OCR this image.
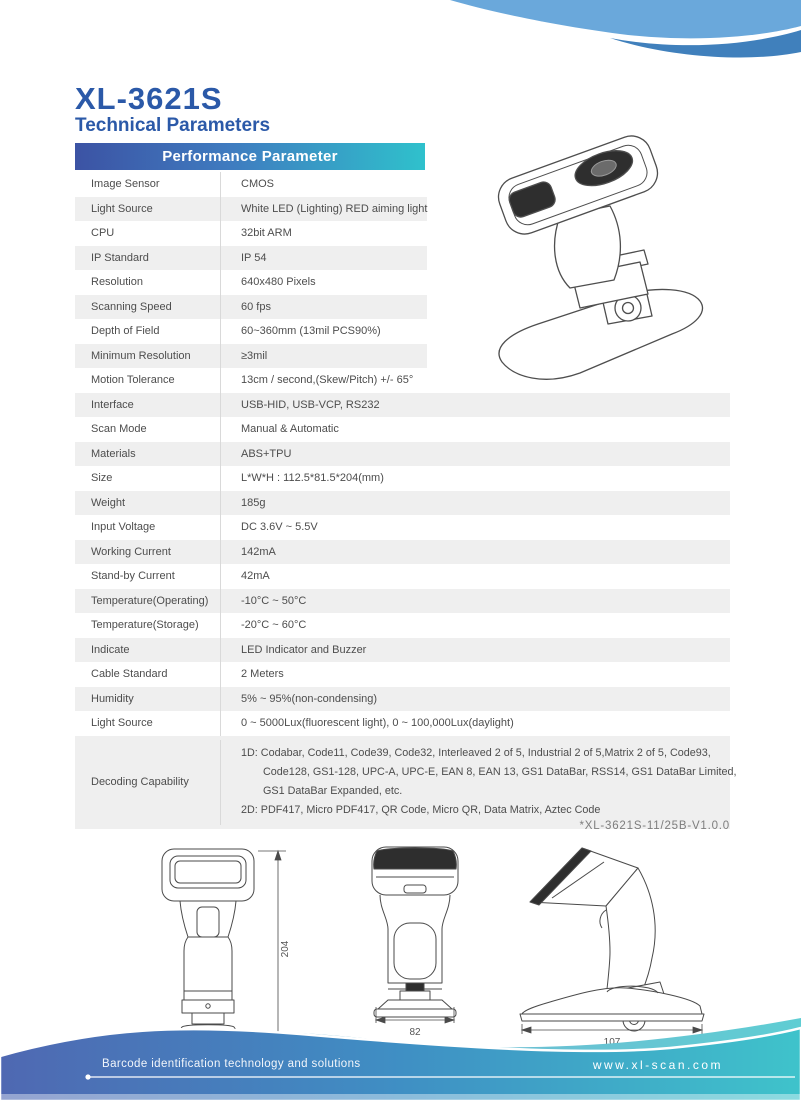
XL-3621S
Technical Parameters
Performance Parameter
Image Sensor	CMOS
Light Source	White LED (Lighting) RED aiming light
CPU	32bit ARM
IP Standard	IP 54
Resolution	640x480 Pixels
Scanning Speed	60 fps
Depth of Field	60~360mm (13mil PCS90%)
Minimum Resolution	≥3mil
Motion Tolerance	13cm / second,(Skew/Pitch) +/- 65°
Interface	USB-HID, USB-VCP, RS232
Scan Mode	Manual & Automatic
Materials	ABS+TPU
Size	L*W*H : 112.5*81.5*204(mm)
Weight	185g
Input Voltage	DC 3.6V ~ 5.5V
Working Current	142mA
Stand-by Current	42mA
Temperature(Operating)	-10°C ~ 50°C
Temperature(Storage)	-20°C ~ 60°C
Indicate	LED Indicator and Buzzer
Cable Standard	2 Meters
Humidity	5% ~ 95%(non-condensing)
Light Source	0 ~ 5000Lux(fluorescent light), 0 ~ 100,000Lux(daylight)
Decoding Capability
1D: Codabar, Code11, Code39, Code32, Interleaved 2 of 5, Industrial 2 of 5,Matrix 2 of 5, Code93,
Code128, GS1-128, UPC-A, UPC-E, EAN 8, EAN 13, GS1 DataBar, RSS14, GS1 DataBar Limited,
GS1 DataBar Expanded, etc.
2D: PDF417, Micro PDF417, QR Code, Micro QR, Data Matrix, Aztec Code
*XL-3621S-11/25B-V1.0.0
204
82
107
Barcode identification technology and solutions	www.xl-scan.com
